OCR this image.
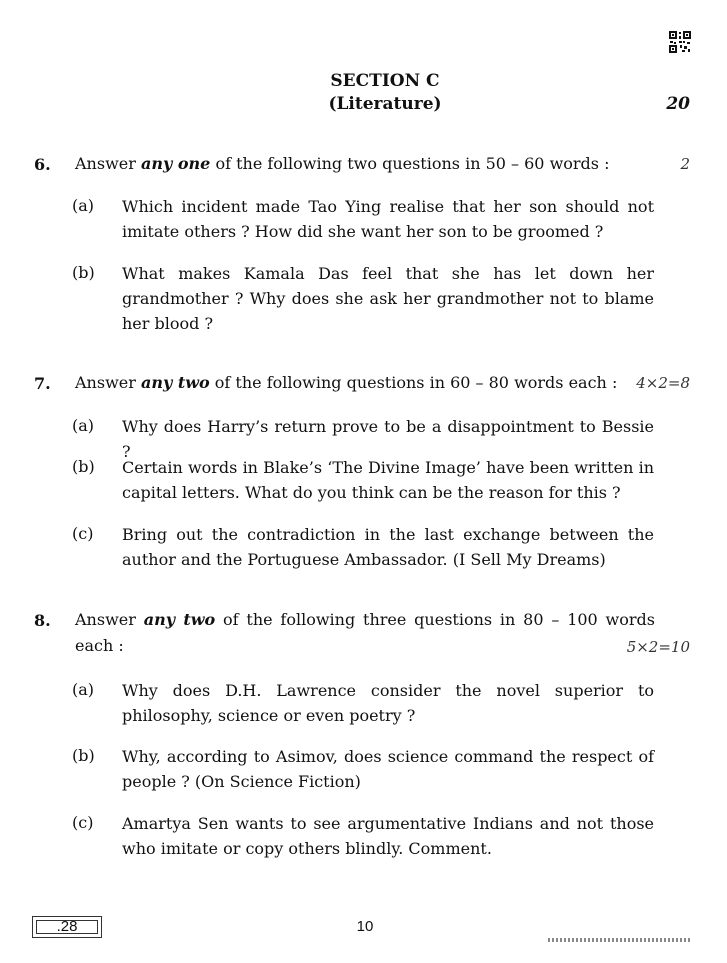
SECTION C
(Literature)	20
6. Answer any one of the following two questions in 50 – 60 words :	2
(a) Which incident made Tao Ying realise that her son should not imitate others ? How did she want her son to be groomed ?
(b) What makes Kamala Das feel that she has let down her grandmother ? Why does she ask her grandmother not to blame her blood ?
7. Answer any two of the following questions in 60 – 80 words each : 4×2=8
(a) Why does Harry’s return prove to be a disappointment to Bessie ?
(b) Certain words in Blake’s ‘The Divine Image’ have been written in capital letters. What do you think can be the reason for this ?
(c) Bring out the contradiction in the last exchange between the author and the Portuguese Ambassador. (I Sell My Dreams)
8. Answer any two of the following three questions in 80 – 100 words each :	5×2=10
(a) Why does D.H. Lawrence consider the novel superior to philosophy, science or even poetry ?
(b) Why, according to Asimov, does science command the respect of people ? (On Science Fiction)
(c) Amartya Sen wants to see argumentative Indians and not those who imitate or copy others blindly. Comment.
.28	10
